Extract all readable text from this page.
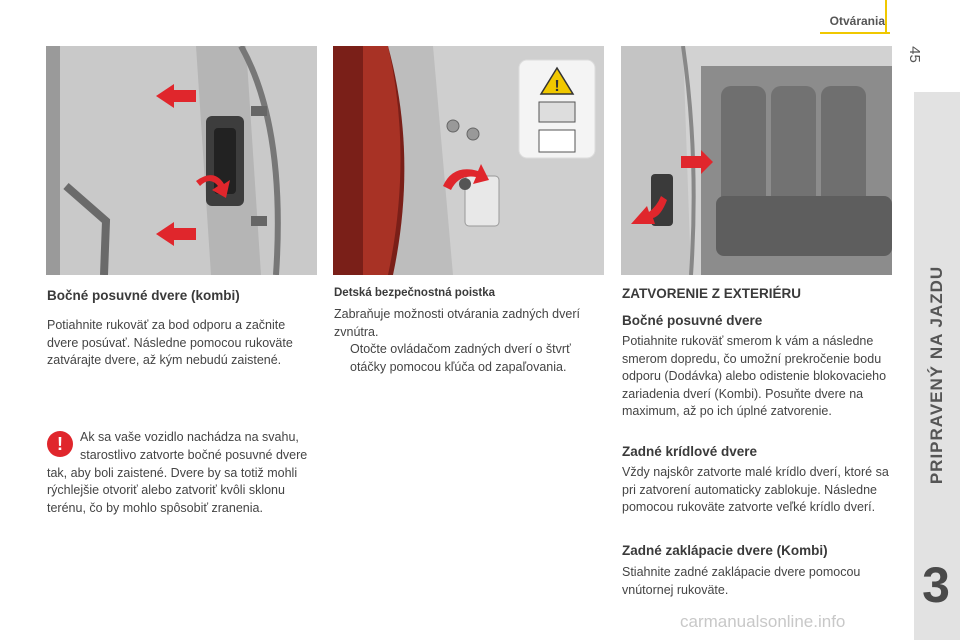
Otvárania
45
PRIPRAVENÝ NA JAZDU
3
!
Bočné posuvné dvere (kombi)

Potiahnite rukoväť za bod odporu a začnite dvere posúvať. Následne pomocou rukoväte zatvárajte dvere, až kým nebudú zaistené.

!	Ak sa vaše vozidlo nachádza na svahu,

starostlivo zatvorte bočné posuvné dvere tak, aby boli zaistené. Dvere by sa totiž mohli rýchlejšie otvoriť alebo zatvoriť kvôli sklonu terénu, čo by mohlo spôsobiť zranenia.

Detská bezpečnostná poistka

Zabraňuje možnosti otvárania zadných dverí zvnútra.

Otočte ovládačom zadných dverí o štvrť otáčky pomocou kľúča od zapaľovania.

ZATVORENIE Z EXTERIÉRU
Bočné posuvné dvere

Potiahnite rukoväť smerom k vám a následne smerom dopredu, čo umožní prekročenie bodu odporu (Dodávka) alebo odistenie blokovacieho zariadenia dverí (Kombi). Posuňte dvere na maximum, až po ich úplné zatvorenie.

Zadné krídlové dvere

Vždy najskôr zatvorte malé krídlo dverí, ktoré sa pri zatvorení automaticky zablokuje. Následne pomocou rukoväte zatvorte veľké krídlo dverí.

Zadné zaklápacie dvere (Kombi)

Stiahnite zadné zaklápacie dvere pomocou vnútornej rukoväte.

carmanualsonline.info
